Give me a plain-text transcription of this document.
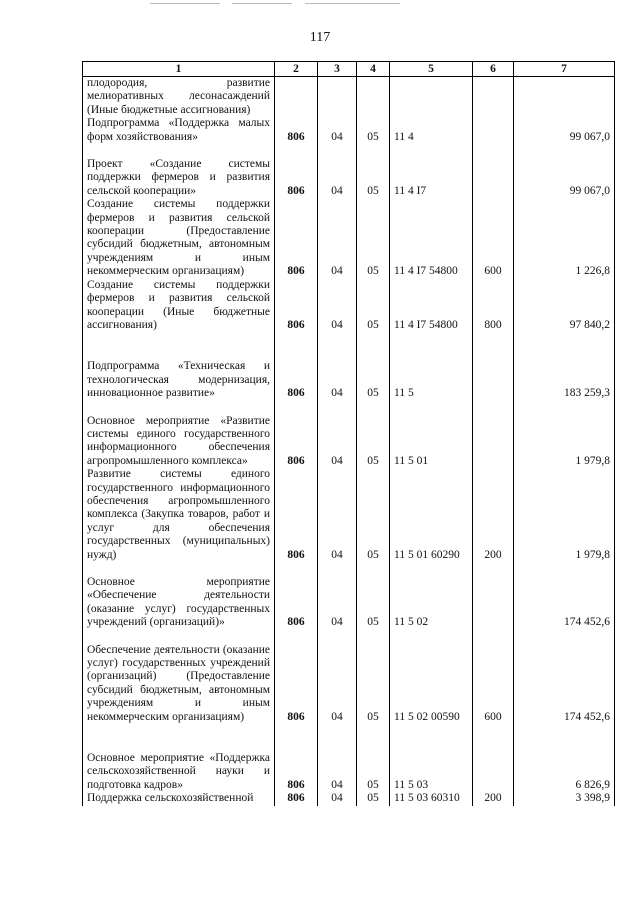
117
1	2	3	4	5	6	7
плодородия, развитие мелиоративных лесонасаждений (Иные бюджетные ассигнования)						
Подпрограмма «Поддержка малых форм хозяйствования»	806	04	05	11 4		99 067,0

Проект «Создание системы поддержки фермеров и развития сельской кооперации»	806	04	05	11 4 I7		99 067,0
Создание системы поддержки фермеров и развития сельской кооперации (Предоставление субсидий бюджетным, автономным учреждениям и иным некоммерческим организациям)	806	04	05	11 4 I7 54800	600	1 226,8
Создание системы поддержки фермеров и развития сельской кооперации (Иные бюджетные ассигнования)	806	04	05	11 4 I7 54800	800	97 840,2

Подпрограмма «Техническая и технологическая модернизация, инновационное развитие»	806	04	05	11 5		183 259,3

Основное мероприятие «Развитие системы единого государственного информационного обеспечения агропромышленного комплекса»	806	04	05	11 5 01		1 979,8
Развитие системы единого государственного информационного обеспечения агропромышленного комплекса (Закупка товаров, работ и услуг для обеспечения государственных (муниципальных) нужд)	806	04	05	11 5 01 60290	200	1 979,8

Основное мероприятие «Обеспечение деятельности (оказание услуг) государственных учреждений (организаций)»	806	04	05	11 5 02		174 452,6

Обеспечение деятельности (оказание услуг) государственных учреждений (организаций) (Предоставление субсидий бюджетным, автономным учреждениям и иным некоммерческим организациям)	806	04	05	11 5 02 00590	600	174 452,6

Основное мероприятие «Поддержка сельскохозяйственной науки и подготовка кадров»	806	04	05	11 5 03		6 826,9
Поддержка сельскохозяйственной	806	04	05	11 5 03 60310	200	3 398,9
